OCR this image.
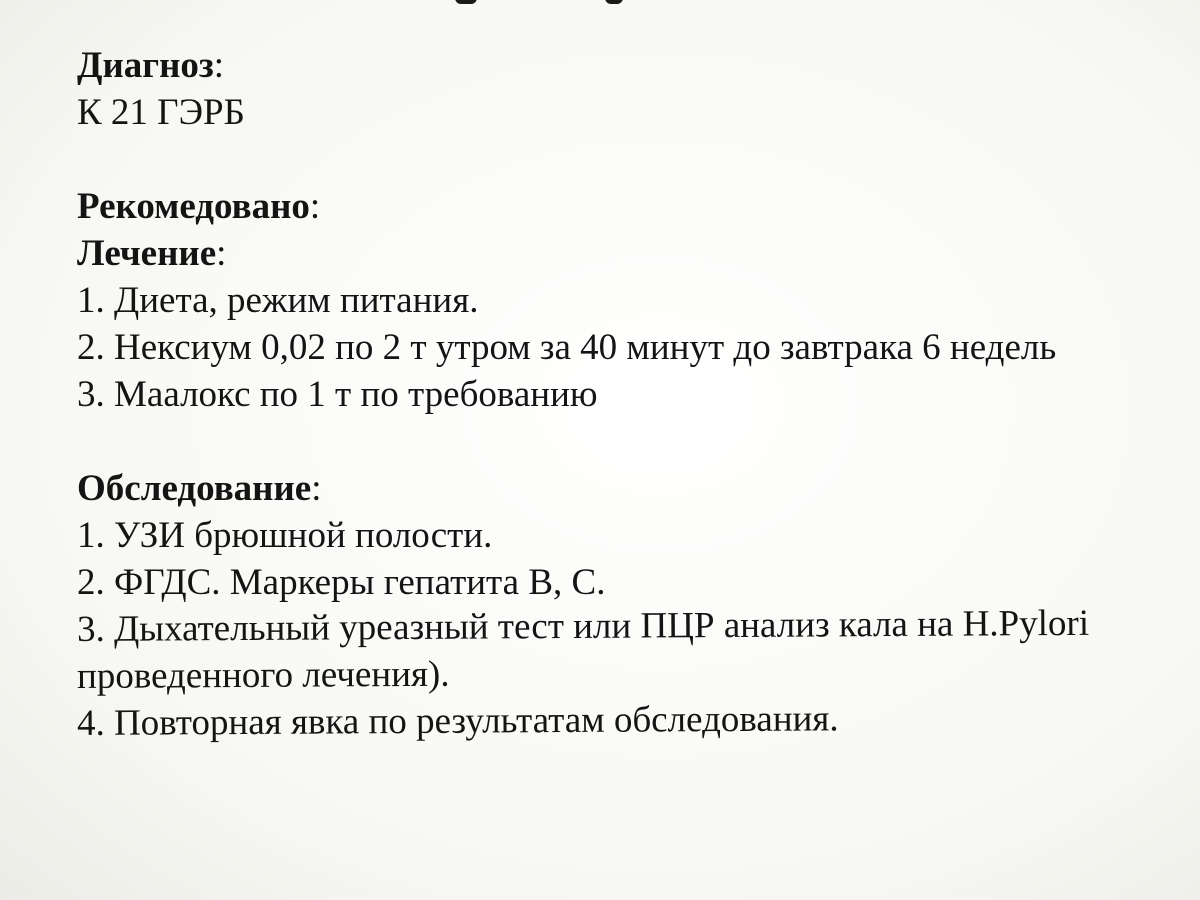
Диагноз:
К 21 ГЭРБ
Рекомедовано:
Лечение:
1. Диета, режим питания.
2. Нексиум 0,02 по 2 т утром за 40 минут до завтрака 6 недель
3. Маалокс по 1 т по требованию
Обследование:
1. УЗИ брюшной полости.
2. ФГДС. Маркеры гепатита В, С.
3. Дыхательный уреазный тест или ПЦР анализ кала на H.Pylori
проведенного лечения).
4. Повторная явка по результатам обследования.
